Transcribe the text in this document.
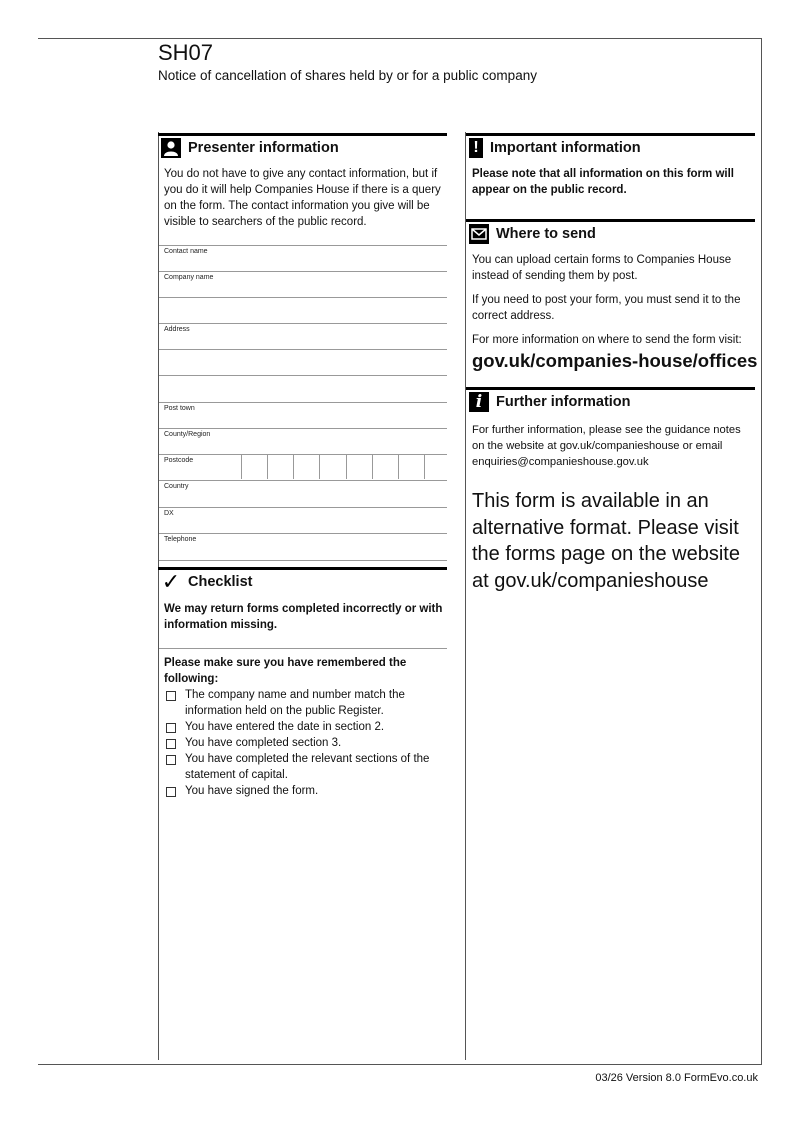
SH07
Notice of cancellation of shares held by or for a public company
Presenter information
You do not have to give any contact information, but if you do it will help Companies House if there is a query on the form. The contact information you give will be visible to searchers of the public record.
Contact name
Company name
Address
Post town
County/Region
Postcode
Country
DX
Telephone
✓ Checklist
We may return forms completed incorrectly or with information missing.
Please make sure you have remembered the following:
The company name and number match the information held on the public Register.
You have entered the date in section 2.
You have completed section 3.
You have completed the relevant sections of the statement of capital.
You have signed the form.
! Important information
Please note that all information on this form will appear on the public record.
Where to send
You can upload certain forms to Companies House instead of sending them by post.
If you need to post your form, you must send it to the correct address.
For more information on where to send the form visit:
gov.uk/companies-house/offices
i Further information
For further information, please see the guidance notes on the website at gov.uk/companieshouse or email enquiries@companieshouse.gov.uk
This form is available in an alternative format. Please visit the forms page on the website at gov.uk/companieshouse
03/26 Version 8.0 FormEvo.co.uk
